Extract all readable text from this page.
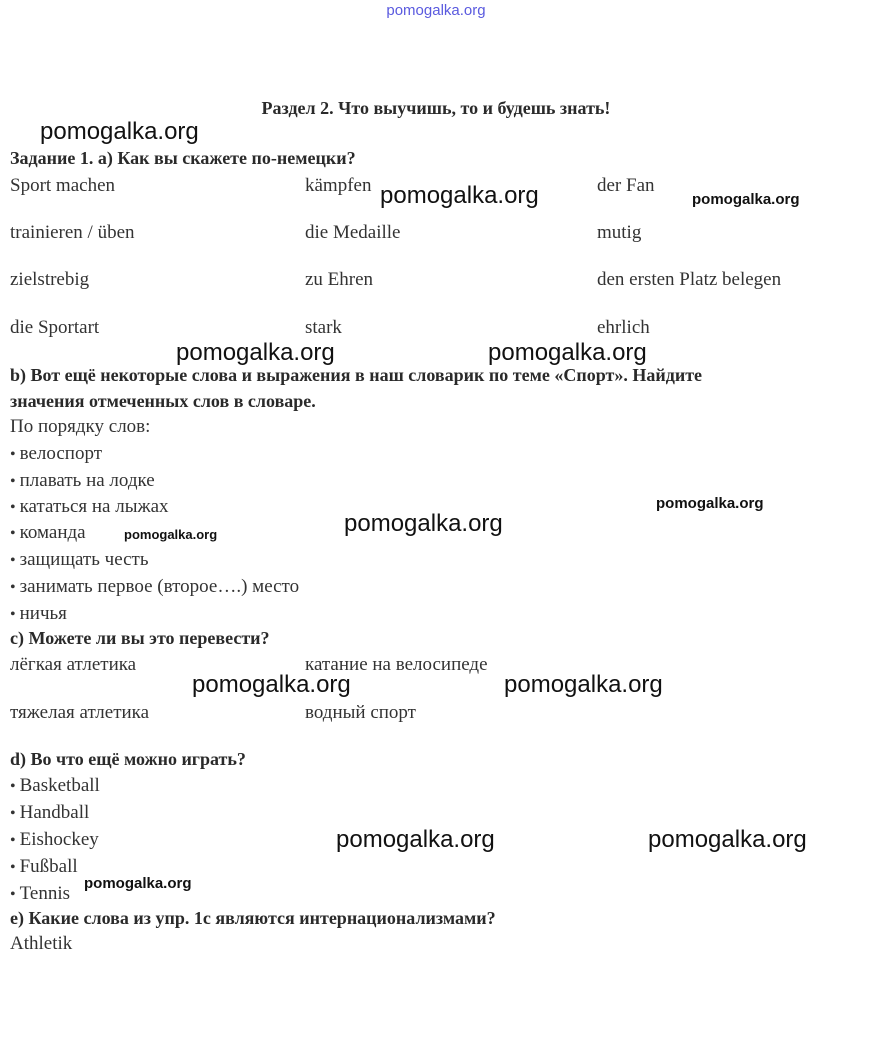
pomogalka.org
Раздел 2. Что выучишь, то и будешь знать!
Задание 1. а) Как вы скажете по-немецки?
Sport machen	kämpfen	der Fan
trainieren / üben	die Medaille	mutig
zielstrebig	zu Ehren	den ersten Platz belegen
die Sportart	stark	ehrlich
b) Вот ещё некоторые слова и выражения в наш словарик по теме «Спорт». Найдите
значения отмеченных слов в словаре.
По порядку слов:
• велоспорт
• плавать на лодке
• кататься на лыжах
• команда
• защищать честь
• занимать первое (второе….) место
• ничья
c) Можете ли вы это перевести?
лёгкая атлетика	катание на велосипеде
тяжелая атлетика	водный спорт
d) Во что ещё можно играть?
• Basketball
• Handball
• Eishockey
• Fußball
• Tennis
e) Какие слова из упр. 1c являются интернационализмами?
Athletik
pomogalka.org
pomogalka.org	pomogalka.org
pomogalka.org	pomogalka.org
pomogalka.org
pomogalka.org
pomogalka.org
pomogalka.org	pomogalka.org
pomogalka.org	pomogalka.org
pomogalka.org
